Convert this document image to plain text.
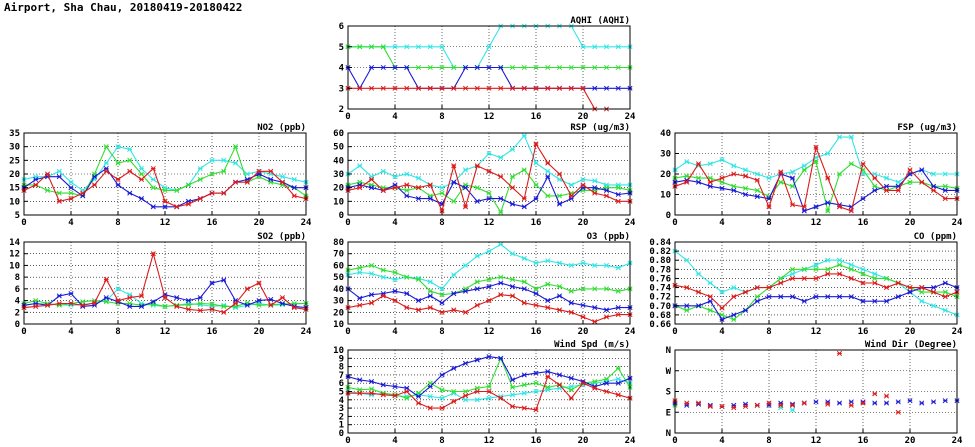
Airport, Sha Chau, 20180419-20180422
0	4	8	12	16	20	24
2
3
4
5
6
AQHI (AQHI)
0	4	8	12	16	20	24
5
10
15
20
25
30
35
NO2 (ppb)
0	4	8	12	16	20	24
0
10
20
30
40
50
60
RSP (ug/m3)
0	4	8	12	16	20	24
0
10
20
30
40
FSP (ug/m3)
0	4	8	12	16	20	24
0
2
4
6
8
10
12
14
SO2 (ppb)
0	4	8	12	16	20	24
10
20
30
40
50
60
70
80
O3 (ppb)
0	4	8	12	16	20	24
0.66
0.68
0.70
0.72
0.74
0.76
0.78
0.80
0.82
0.84
CO (ppm)
0	4	8	12	16	20	24
0
1
2
3
4
5
6
7
8
9
10
Wind Spd (m/s)
0	4	8	12	16	20	24
N
E
S
W
N
Wind Dir (Degree)
